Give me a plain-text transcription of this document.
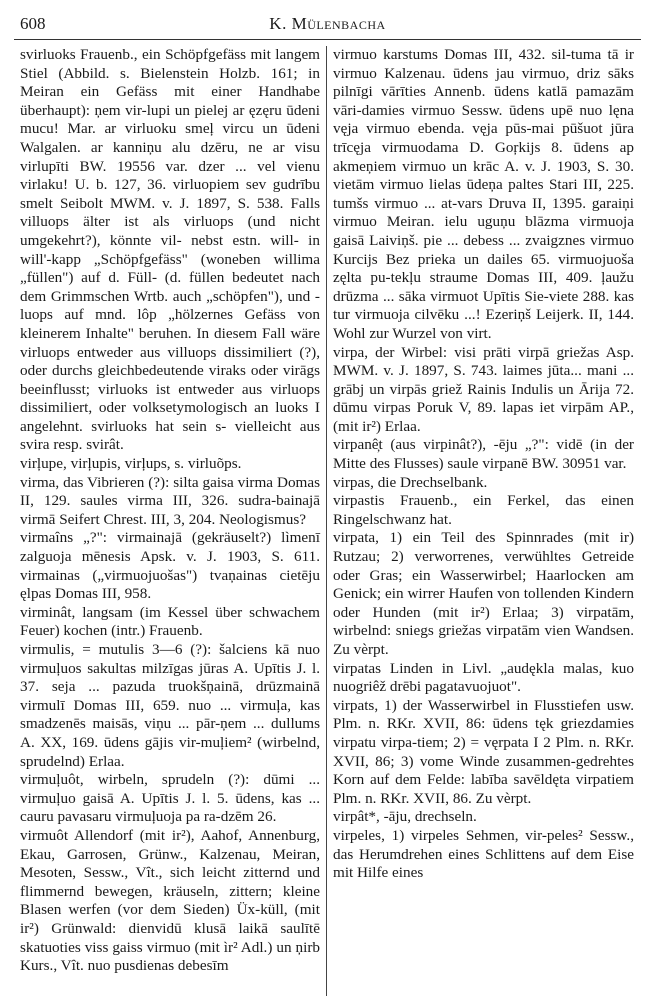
608	K. Mülenbacha

svirluoks Frauenb., ein Schöpfgefäss mit langem Stiel (Abbild. s. Bielenstein Holzb. 161; in Meiran ein Gefäss mit einer Handhabe überhaupt): ņem vir-lupi un pielej ar ęzęru ūdeni mucu! Mar. ar virluoku smeļ vircu un ūdeni Walgalen. ar kanniņu alu dzēru, ne ar visu virlupīti BW. 19556 var. dzer ... vel vienu virlaku! U. b. 127, 36. virluopiem sev gudrību smelt Seibolt MWM. v. J. 1897, S. 538. Falls villuops älter ist als virluops (und nicht umgekehrt?), könnte vil- nebst estn. will- in will'-kapp „Schöpfgefäss" (woneben willima „füllen") auf d. Füll- (d. füllen bedeutet nach dem Grimmschen Wrtb. auch „schöpfen"), und -luops auf mnd. lôp „hölzernes Gefäss von kleinerem Inhalte" beruhen. In diesem Fall wäre virluops entweder aus villuops dissimiliert (?), oder durchs gleichbedeutende viraks oder virāgs beeinflusst; virluoks ist entweder aus virluops dissimiliert, oder volksetymologisch an luoks I angelehnt. svirluoks hat sein s- vielleicht aus svira resp. svirât.

virļupe, virļupis, virļups, s. virluõps.

virma, das Vibrieren (?): silta gaisa virma Domas II, 129. saules virma III, 326. sudra-bainajā virmā Seifert Chrest. III, 3, 204. Neologismus?

virmaîns „?": virmainajā (gekräuselt?) lìmenī zalguoja mēnesis Apsk. v. J. 1903, S. 611. virmainas („virmuojuošas") tvaņainas cietēju ęlpas Domas III, 958.

virminât, langsam (im Kessel über schwachem Feuer) kochen (intr.) Frauenb.

virmulis, = mutulis 3—6 (?): šalciens kā nuo virmuļuos sakultas milzīgas jūras A. Upītis J. l. 37. seja ... pazuda truokšņainā, drūzmainā virmulī Domas III, 659. nuo ... virmuļa, kas smadzenēs maisās, viņu ... pār-ņem ... dullums A. XX, 169. ūdens gājis vir-muļiem² (wirbelnd, sprudelnd) Erlaa.

virmuļuôt, wirbeln, sprudeln (?): dūmi ... virmuļuo gaisā A. Upītis J. l. 5. ūdens, kas ... cauru pavasaru virmuļuoja pa ra-dzēm 26.

virmuôt Allendorf (mit ir²), Aahof, Annenburg, Ekau, Garrosen, Grünw., Kalzenau, Meiran, Mesoten, Sessw., Vît., sich leicht zitternd und flimmernd bewegen, kräuseln, zittern; kleine Blasen werfen (vor dem Sieden) Üx-küll, (mit ir²) Grünwald: dienvidū klusā laikā saulītē skatuoties viss gaiss virmuo (mit ìr² Adl.) un ņirb Kurs., Vît. nuo pusdienas debesīm

virmuo karstums Domas III, 432. sil-tuma tā ir virmuo Kalzenau. ūdens jau virmuo, driz sāks pilnīgi vārīties Annenb. ūdens katlā pamazām vāri-damies virmuo Sessw. ūdens upē nuo lęna vęja virmuo ebenda. vęja pūs-mai pūšuot jūra trīcęja virmuodama D. Goŗkijs 8. ūdens ap akmeņiem virmuo un krāc A. v. J. 1903, S. 30. vietām virmuo lielas ūdeņa paltes Stari III, 225. tumšs virmuo ... at-vars Druva II, 1395. garaiņi virmuo Meiran. ielu uguņu blāzma virmuoja gaisā Laiviņš. pie ... debess ... zvaigznes virmuo Kurcijs Bez prieka un dailes 65. virmuojuoša zęlta pu-tekļu straume Domas III, 409. ļaužu drūzma ... sāka virmuot Upītis Sie-viete 288. kas tur virmuoja cilvēku ...! Ezeriņš Leijerk. II, 144. Wohl zur Wurzel von virt.

virpa, der Wirbel: visi prāti virpā griežas Asp. MWM. v. J. 1897, S. 743. laimes jūta... mani ... grābj un virpās griež Rainis Indulis un Ārija 72. dūmu virpas Poruk V, 89. lapas iet virpām AP., (mit ir²) Erlaa.

virpanê̦t (aus virpinât?), -ēju „?": vidē (in der Mitte des Flusses) saule virpanē BW. 30951 var.

virpas, die Drechselbank.

virpastis Frauenb., ein Ferkel, das einen Ringelschwanz hat.

virpata, 1) ein Teil des Spinnrades (mit ir) Rutzau; 2) verworrenes, verwühltes Getreide oder Gras; ein Wasserwirbel; Haarlocken am Genick; ein wirrer Haufen von tollenden Kindern oder Hunden (mit ir²) Erlaa; 3) virpatām, wirbelnd: sniegs griežas virpatām vien Wandsen. Zu vèrpt.

virpatas Linden in Livl. „audękla malas, kuo nuogriêž drēbi pagatavuojuot".

virpats, 1) der Wasserwirbel in Flusstiefen usw. Plm. n. RKr. XVII, 86: ūdens tęk griezdamies virpatu virpa-tiem; 2) = vęrpata I 2 Plm. n. RKr. XVII, 86; 3) vome Winde zusammen-gedrehtes Korn auf dem Felde: labība savēldęta virpatiem Plm. n. RKr. XVII, 86. Zu vèrpt.

virpât*, -āju, drechseln.

virpeles, 1) virpeles Sehmen, vir-peles² Sessw., das Herumdrehen eines Schlittens auf dem Eise mit Hilfe eines
